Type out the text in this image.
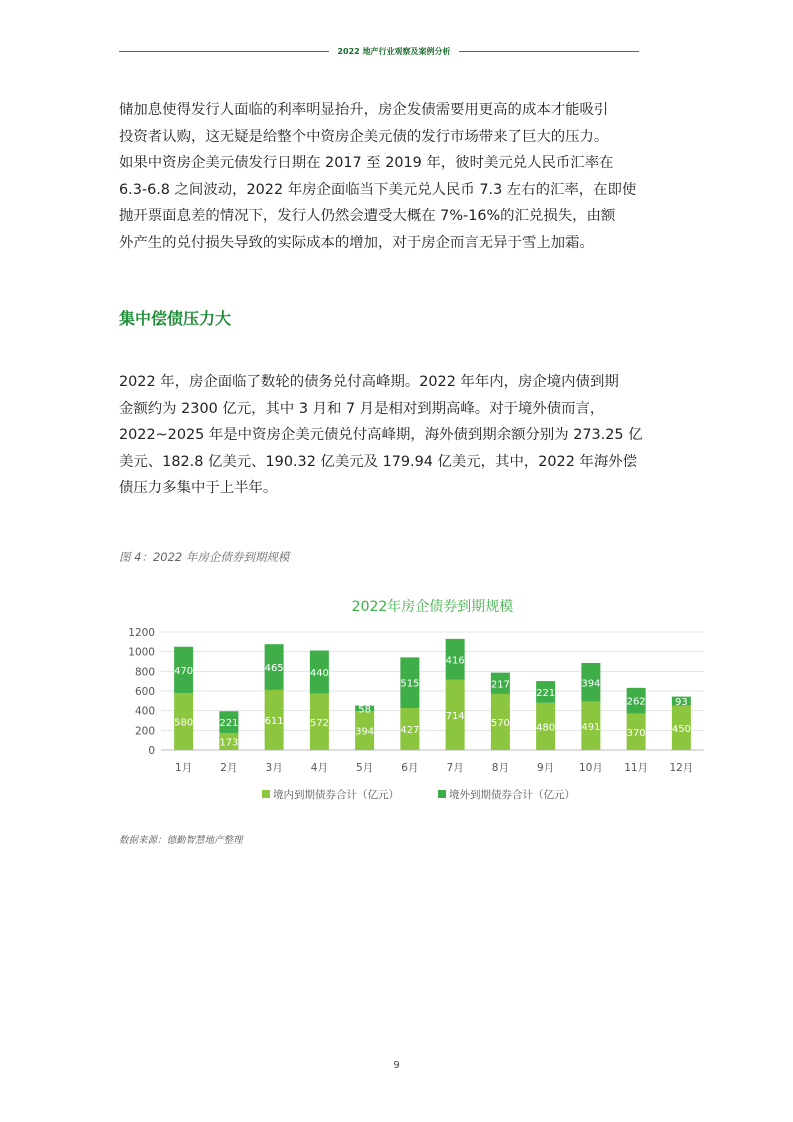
2022 地产行业观察及案例分析

储加息使得发行人面临的利率明显抬升，房企发债需要用更高的成本才能吸引

投资者认购，这无疑是给整个中资房企美元债的发行市场带来了巨大的压力。

如果中资房企美元债发行日期在 2017 至 2019 年，彼时美元兑人民币汇率在

6.3-6.8 之间波动，2022 年房企面临当下美元兑人民币 7.3 左右的汇率，在即使

抛开票面息差的情况下，发行人仍然会遭受大概在 7%-16%的汇兑损失，由额

外产生的兑付损失导致的实际成本的增加，对于房企而言无异于雪上加霜。

集中偿债压力大

2022 年，房企面临了数轮的债务兑付高峰期。2022 年年内，房企境内债到期

金额约为 2300 亿元，其中 3 月和 7 月是相对到期高峰。对于境外债而言，

2022~2025 年是中资房企美元债兑付高峰期，海外债到期余额分别为 273.25 亿

美元、182.8 亿美元、190.32 亿美元及 179.94 亿美元，其中，2022 年海外偿

债压力多集中于上半年。

图 4：2022 年房企债券到期规模

2022年房企债券到期规模
0
200
400
600
800
1000
1200
580
470
1月
173
221
2月
611
465
3月
572
440
4月
394
58
5月
427
515
6月
714
416
7月
570
217
8月
480
221
9月
491
394
10月
370
262
11月
450
93
12月
境内到期债券合计（亿元）	境外到期债券合计（亿元）

数据来源：德勤智慧地产整理

9
